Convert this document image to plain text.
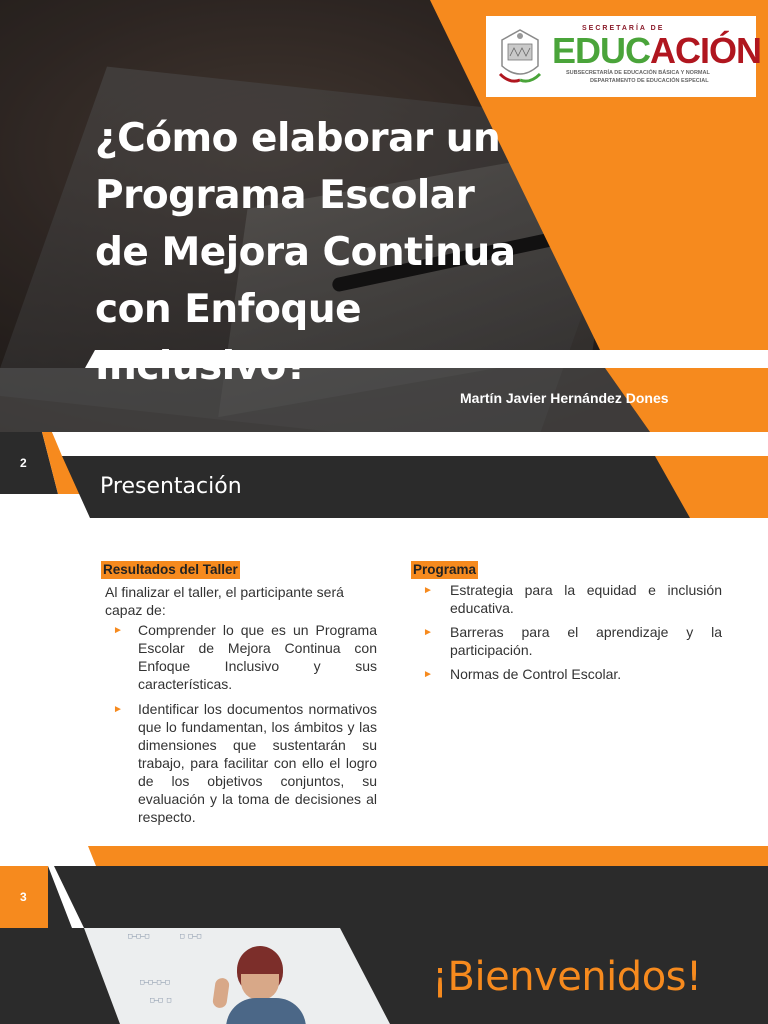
SECRETARÍA DE
EDUCACIÓN
SUBSECRETARÍA DE EDUCACIÓN BÁSICA Y NORMAL
DEPARTAMENTO DE EDUCACIÓN ESPECIAL
¿Cómo elaborar un Programa Escolar de Mejora Continua con Enfoque Inclusivo?
Martín Javier Hernández Dones
2
Presentación
Resultados del Taller
Al finalizar el taller, el participante será capaz de:
► Comprender lo que es un Programa Escolar de Mejora Continua con Enfoque Inclusivo y sus características.
► Identificar los documentos normativos que lo fundamentan, los ámbitos y las dimensiones que sustentarán su trabajo, para facilitar con ello el logro de los objetivos conjuntos, su evaluación y la toma de decisiones al respecto.
Programa
► Estrategia para la equidad e inclusión educativa.
► Barreras para el aprendizaje y la participación.
► Normas de Control Escolar.
3
□—□—□	□ □—□
□—□—□—□
□—□ □	¡Bienvenidos!
